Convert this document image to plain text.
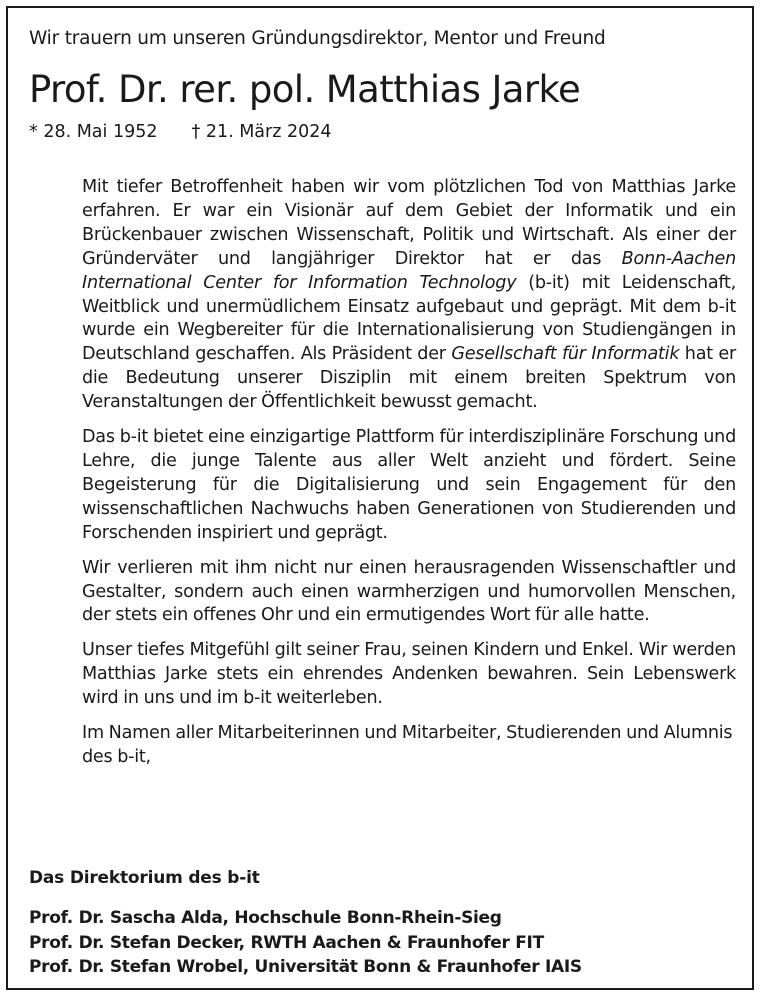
Wir trauern um unseren Gründungsdirektor, Mentor und Freund
Prof. Dr. rer. pol. Matthias Jarke
* 28. Mai 1952 † 21. März 2024

Mit tiefer Betroffenheit haben wir vom plötzlichen Tod von Matthias Jarke erfahren. Er war ein Visionär auf dem Gebiet der Informatik und ein Brückenbauer zwischen Wissenschaft, Politik und Wirtschaft. Als einer der Gründerväter und langjähriger Direktor hat er das Bonn-Aachen International Center for Information Technology (b-it) mit Leidenschaft, Weitblick und unermüdlichem Einsatz aufgebaut und geprägt. Mit dem b-it wurde ein Wegbereiter für die Internationalisierung von Studiengängen in Deutschland geschaffen. Als Präsident der Gesellschaft für Informatik hat er die Bedeutung unserer Disziplin mit einem breiten Spektrum von Veranstaltungen der Öffentlichkeit bewusst gemacht.

Das b-it bietet eine einzigartige Plattform für interdisziplinäre Forschung und Lehre, die junge Talente aus aller Welt anzieht und fördert. Seine Begeisterung für die Digitalisierung und sein Engagement für den wissenschaftlichen Nachwuchs haben Generationen von Studierenden und Forschenden inspiriert und geprägt.

Wir verlieren mit ihm nicht nur einen herausragenden Wissenschaftler und Gestalter, sondern auch einen warmherzigen und humorvollen Menschen, der stets ein offenes Ohr und ein ermutigendes Wort für alle hatte.

Unser tiefes Mitgefühl gilt seiner Frau, seinen Kindern und Enkel. Wir werden Matthias Jarke stets ein ehrendes Andenken bewahren. Sein Lebenswerk wird in uns und im b-it weiterleben.

Im Namen aller Mitarbeiterinnen und Mitarbeiter, Studierenden und Alumnis des b-it,

Das Direktorium des b-it
Prof. Dr. Sascha Alda, Hochschule Bonn-Rhein-Sieg
Prof. Dr. Stefan Decker, RWTH Aachen & Fraunhofer FIT
Prof. Dr. Stefan Wrobel, Universität Bonn & Fraunhofer IAIS
